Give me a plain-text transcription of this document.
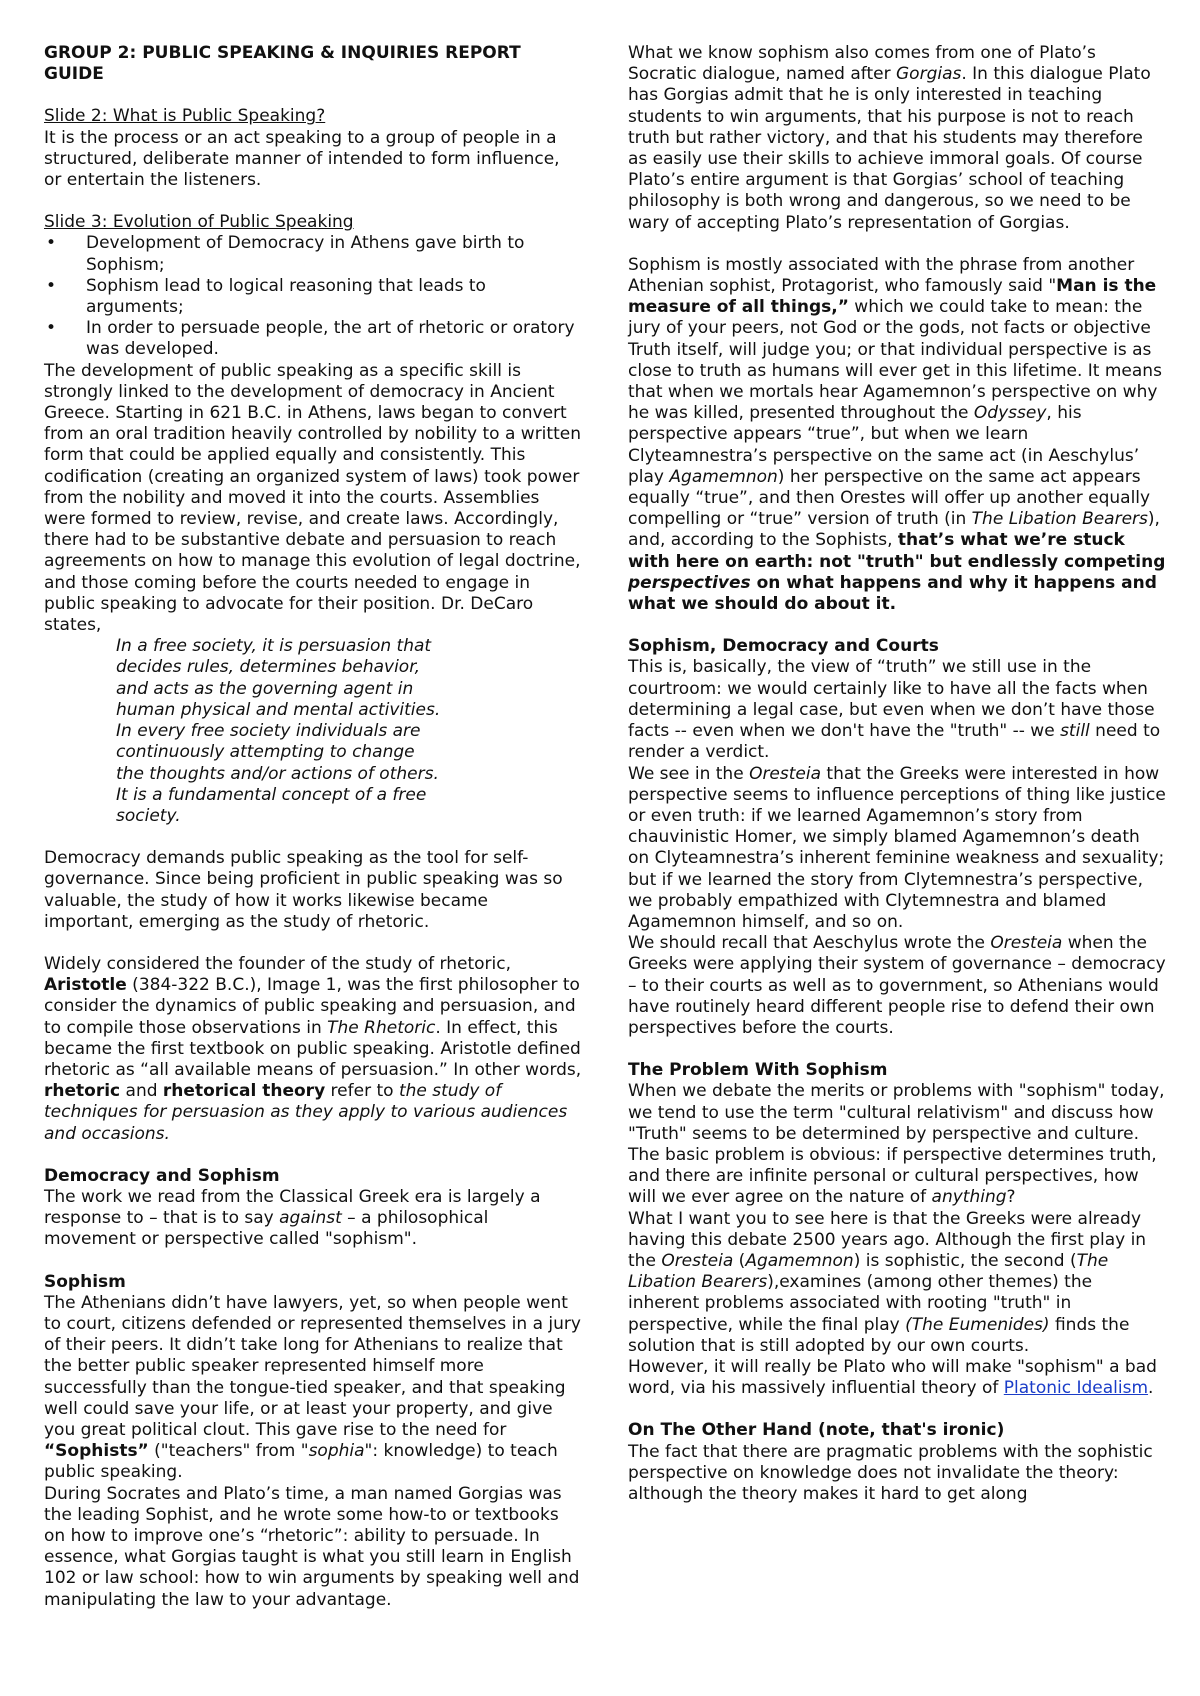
GROUP 2: PUBLIC SPEAKING & INQUIRIES REPORT GUIDE

Slide 2: What is Public Speaking?

It is the process or an act speaking to a group of people in a structured, deliberate manner of intended to form influence, or entertain the listeners.

Slide 3: Evolution of Public Speaking

• Development of Democracy in Athens gave birth to Sophism;
• Sophism lead to logical reasoning that leads to arguments;
• In order to persuade people, the art of rhetoric or oratory was developed.

The development of public speaking as a specific skill is strongly linked to the development of democracy in Ancient Greece. Starting in 621 B.C. in Athens, laws began to convert from an oral tradition heavily controlled by nobility to a written form that could be applied equally and consistently. This codification (creating an organized system of laws) took power from the nobility and moved it into the courts. Assemblies were formed to review, revise, and create laws. Accordingly, there had to be substantive debate and persuasion to reach agreements on how to manage this evolution of legal doctrine, and those coming before the courts needed to engage in public speaking to advocate for their position. Dr. DeCaro states,

In a free society, it is persuasion that decides rules, determines behavior, and acts as the governing agent in human physical and mental activities. In every free society individuals are continuously attempting to change the thoughts and/or actions of others. It is a fundamental concept of a free society.

Democracy demands public speaking as the tool for self-governance. Since being proficient in public speaking was so valuable, the study of how it works likewise became important, emerging as the study of rhetoric.

Widely considered the founder of the study of rhetoric, Aristotle (384-322 B.C.), Image 1, was the first philosopher to consider the dynamics of public speaking and persuasion, and to compile those observations in The Rhetoric. In effect, this became the first textbook on public speaking. Aristotle defined rhetoric as “all available means of persuasion.” In other words, rhetoric and rhetorical theory refer to the study of techniques for persuasion as they apply to various audiences and occasions.

Democracy and Sophism

The work we read from the Classical Greek era is largely a response to – that is to say against – a philosophical movement or perspective called "sophism".

Sophism

The Athenians didn’t have lawyers, yet, so when people went to court, citizens defended or represented themselves in a jury of their peers. It didn’t take long for Athenians to realize that the better public speaker represented himself more successfully than the tongue-tied speaker, and that speaking well could save your life, or at least your property, and give you great political clout. This gave rise to the need for “Sophists” ("teachers" from "sophia": knowledge) to teach public speaking.

During Socrates and Plato’s time, a man named Gorgias was the leading Sophist, and he wrote some how-to or textbooks on how to improve one’s “rhetoric”: ability to persuade. In essence, what Gorgias taught is what you still learn in English 102 or law school: how to win arguments by speaking well and manipulating the law to your advantage.

What we know sophism also comes from one of Plato’s Socratic dialogue, named after Gorgias. In this dialogue Plato has Gorgias admit that he is only interested in teaching students to win arguments, that his purpose is not to reach truth but rather victory, and that his students may therefore as easily use their skills to achieve immoral goals. Of course Plato’s entire argument is that Gorgias’ school of teaching philosophy is both wrong and dangerous, so we need to be wary of accepting Plato’s representation of Gorgias.

Sophism is mostly associated with the phrase from another Athenian sophist, Protagorist, who famously said "Man is the measure of all things,” which we could take to mean: the jury of your peers, not God or the gods, not facts or objective Truth itself, will judge you; or that individual perspective is as close to truth as humans will ever get in this lifetime. It means that when we mortals hear Agamemnon’s perspective on why he was killed, presented throughout the Odyssey, his perspective appears “true”, but when we learn Clyteamnestra’s perspective on the same act (in Aeschylus’ play Agamemnon) her perspective on the same act appears equally “true”, and then Orestes will offer up another equally compelling or “true” version of truth (in The Libation Bearers), and, according to the Sophists, that’s what we’re stuck with here on earth: not "truth" but endlessly competing perspectives on what happens and why it happens and what we should do about it.

Sophism, Democracy and Courts

This is, basically, the view of “truth” we still use in the courtroom: we would certainly like to have all the facts when determining a legal case, but even when we don’t have those facts -- even when we don't have the "truth" -- we still need to render a verdict.

We see in the Oresteia that the Greeks were interested in how perspective seems to influence perceptions of thing like justice or even truth: if we learned Agamemnon’s story from chauvinistic Homer, we simply blamed Agamemnon’s death on Clyteamnestra’s inherent feminine weakness and sexuality; but if we learned the story from Clytemnestra’s perspective, we probably empathized with Clytemnestra and blamed Agamemnon himself, and so on.

We should recall that Aeschylus wrote the Oresteia when the Greeks were applying their system of governance – democracy – to their courts as well as to government, so Athenians would have routinely heard different people rise to defend their own perspectives before the courts.

The Problem With Sophism

When we debate the merits or problems with "sophism" today, we tend to use the term "cultural relativism" and discuss how "Truth" seems to be determined by perspective and culture. The basic problem is obvious: if perspective determines truth, and there are infinite personal or cultural perspectives, how will we ever agree on the nature of anything?

What I want you to see here is that the Greeks were already having this debate 2500 years ago. Although the first play in the Oresteia (Agamemnon) is sophistic, the second (The Libation Bearers),examines (among other themes) the inherent problems associated with rooting "truth" in perspective, while the final play (The Eumenides) finds the solution that is still adopted by our own courts.

However, it will really be Plato who will make "sophism" a bad word, via his massively influential theory of Platonic Idealism.

On The Other Hand (note, that's ironic)

The fact that there are pragmatic problems with the sophistic perspective on knowledge does not invalidate the theory: although the theory makes it hard to get along
